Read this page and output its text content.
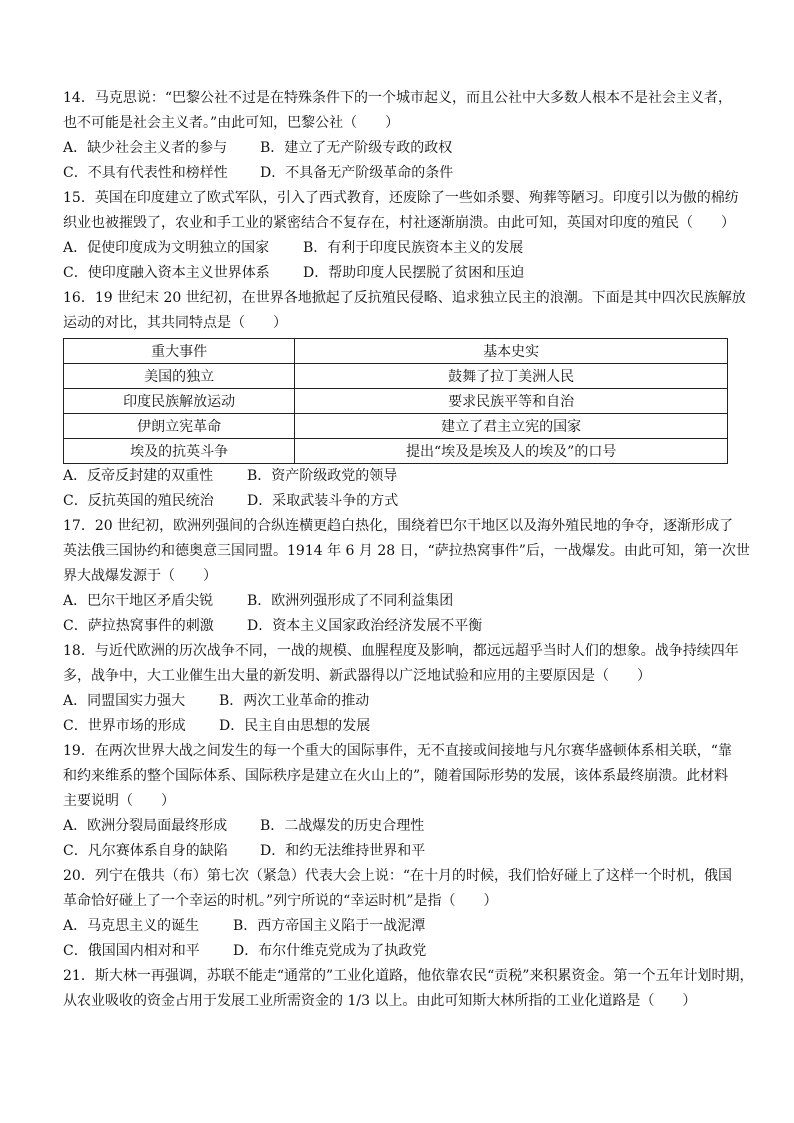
14．马克思说：“巴黎公社不过是在特殊条件下的一个城市起义，而且公社中大多数人根本不是社会主义者，
也不可能是社会主义者。”由此可知，巴黎公社（　　）
A．缺少社会主义者的参与 B．建立了无产阶级专政的政权
C．不具有代表性和榜样性 D．不具备无产阶级革命的条件
15．英国在印度建立了欧式军队，引入了西式教育，还废除了一些如杀婴、殉葬等陋习。印度引以为傲的棉纺
织业也被摧毁了，农业和手工业的紧密结合不复存在，村社逐渐崩溃。由此可知，英国对印度的殖民（　　）
A．促使印度成为文明独立的国家 B．有利于印度民族资本主义的发展
C．使印度融入资本主义世界体系 D．帮助印度人民摆脱了贫困和压迫
16．19 世纪末 20 世纪初，在世界各地掀起了反抗殖民侵略、追求独立民主的浪潮。下面是其中四次民族解放
运动的对比，其共同特点是（　　）
重大事件	基本史实
美国的独立	鼓舞了拉丁美洲人民
印度民族解放运动	要求民族平等和自治
伊朗立宪革命	建立了君主立宪的国家
埃及的抗英斗争	提出“埃及是埃及人的埃及”的口号
A．反帝反封建的双重性 B．资产阶级政党的领导
C．反抗英国的殖民统治 D．采取武装斗争的方式
17．20 世纪初，欧洲列强间的合纵连横更趋白热化，围绕着巴尔干地区以及海外殖民地的争夺，逐渐形成了
英法俄三国协约和德奥意三国同盟。1914 年 6 月 28 日，“萨拉热窝事件”后，一战爆发。由此可知，第一次世
界大战爆发源于（　　）
A．巴尔干地区矛盾尖锐 B．欧洲列强形成了不同利益集团
C．萨拉热窝事件的刺激 D．资本主义国家政治经济发展不平衡
18．与近代欧洲的历次战争不同，一战的规模、血腥程度及影响，都远远超乎当时人们的想象。战争持续四年
多，战争中，大工业催生出大量的新发明、新武器得以广泛地试验和应用的主要原因是（　　）
A．同盟国实力强大 B．两次工业革命的推动
C．世界市场的形成 D．民主自由思想的发展
19．在两次世界大战之间发生的每一个重大的国际事件，无不直接或间接地与凡尔赛华盛顿体系相关联，“靠
和约来维系的整个国际体系、国际秩序是建立在火山上的”，随着国际形势的发展，该体系最终崩溃。此材料
主要说明（　　）
A．欧洲分裂局面最终形成 B．二战爆发的历史合理性
C．凡尔赛体系自身的缺陷 D．和约无法维持世界和平
20．列宁在俄共（布）第七次（紧急）代表大会上说：“在十月的时候，我们恰好碰上了这样一个时机，俄国
革命恰好碰上了一个幸运的时机。”列宁所说的“幸运时机”是指（　　）
A．马克思主义的诞生 B．西方帝国主义陷于一战泥潭
C．俄国国内相对和平 D．布尔什维克党成为了执政党
21．斯大林一再强调，苏联不能走“通常的”工业化道路，他依靠农民“贡税”来积累资金。第一个五年计划时期，
从农业吸收的资金占用于发展工业所需资金的 1/3 以上。由此可知斯大林所指的工业化道路是（　　）
